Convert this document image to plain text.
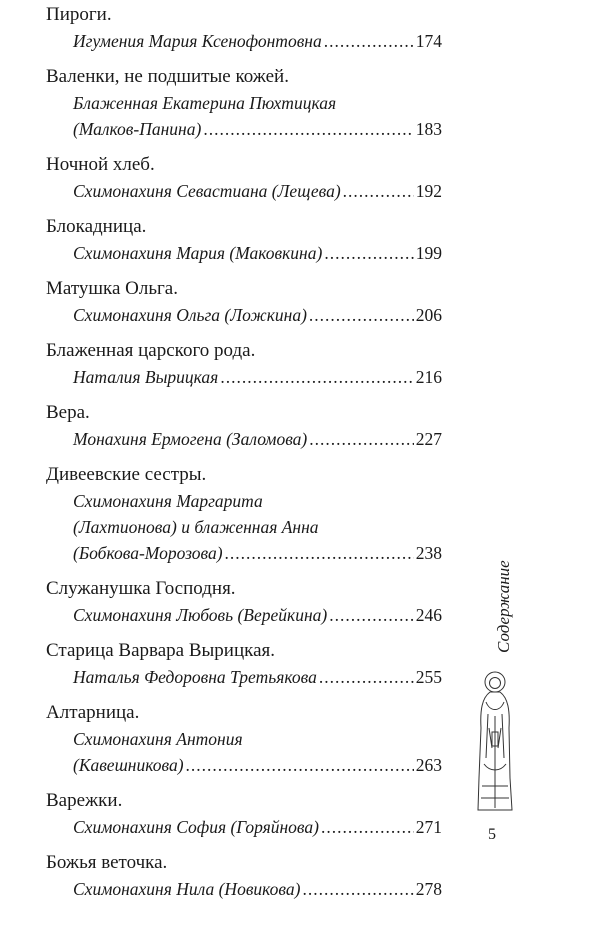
Пироги.
Игумения Мария Ксенофонтовна .....	174
Валенки, не подшитые кожей.
Блаженная Екатерина Пюхтицкая
(Малков-Панина) .....	183
Ночной хлеб.
Схимонахиня Севастиана (Лещева) .....	192
Блокадница.
Схимонахиня Мария (Маковкина) .....	199
Матушка Ольга.
Схимонахиня Ольга (Ложкина) .....	206
Блаженная царского рода.
Наталия Вырицкая .....	216
Вера.
Монахиня Ермогена (Заломова) .....	227
Дивеевские сестры.
Схимонахиня Маргарита
(Лахтионова) и блаженная Анна
(Бобкова-Морозова) .....	238
Служанушка Господня.
Схимонахиня Любовь (Верейкина) .....	246
Старица Варвара Вырицкая.
Наталья Федоровна Третьякова .....	255
Алтарница.
Схимонахиня Антония
(Кавешникова) .....	263
Варежки.
Схимонахиня София (Горяйнова) .....	271
Божья веточка.
Схимонахиня Нила (Новикова) .....	278
Содержание
5
